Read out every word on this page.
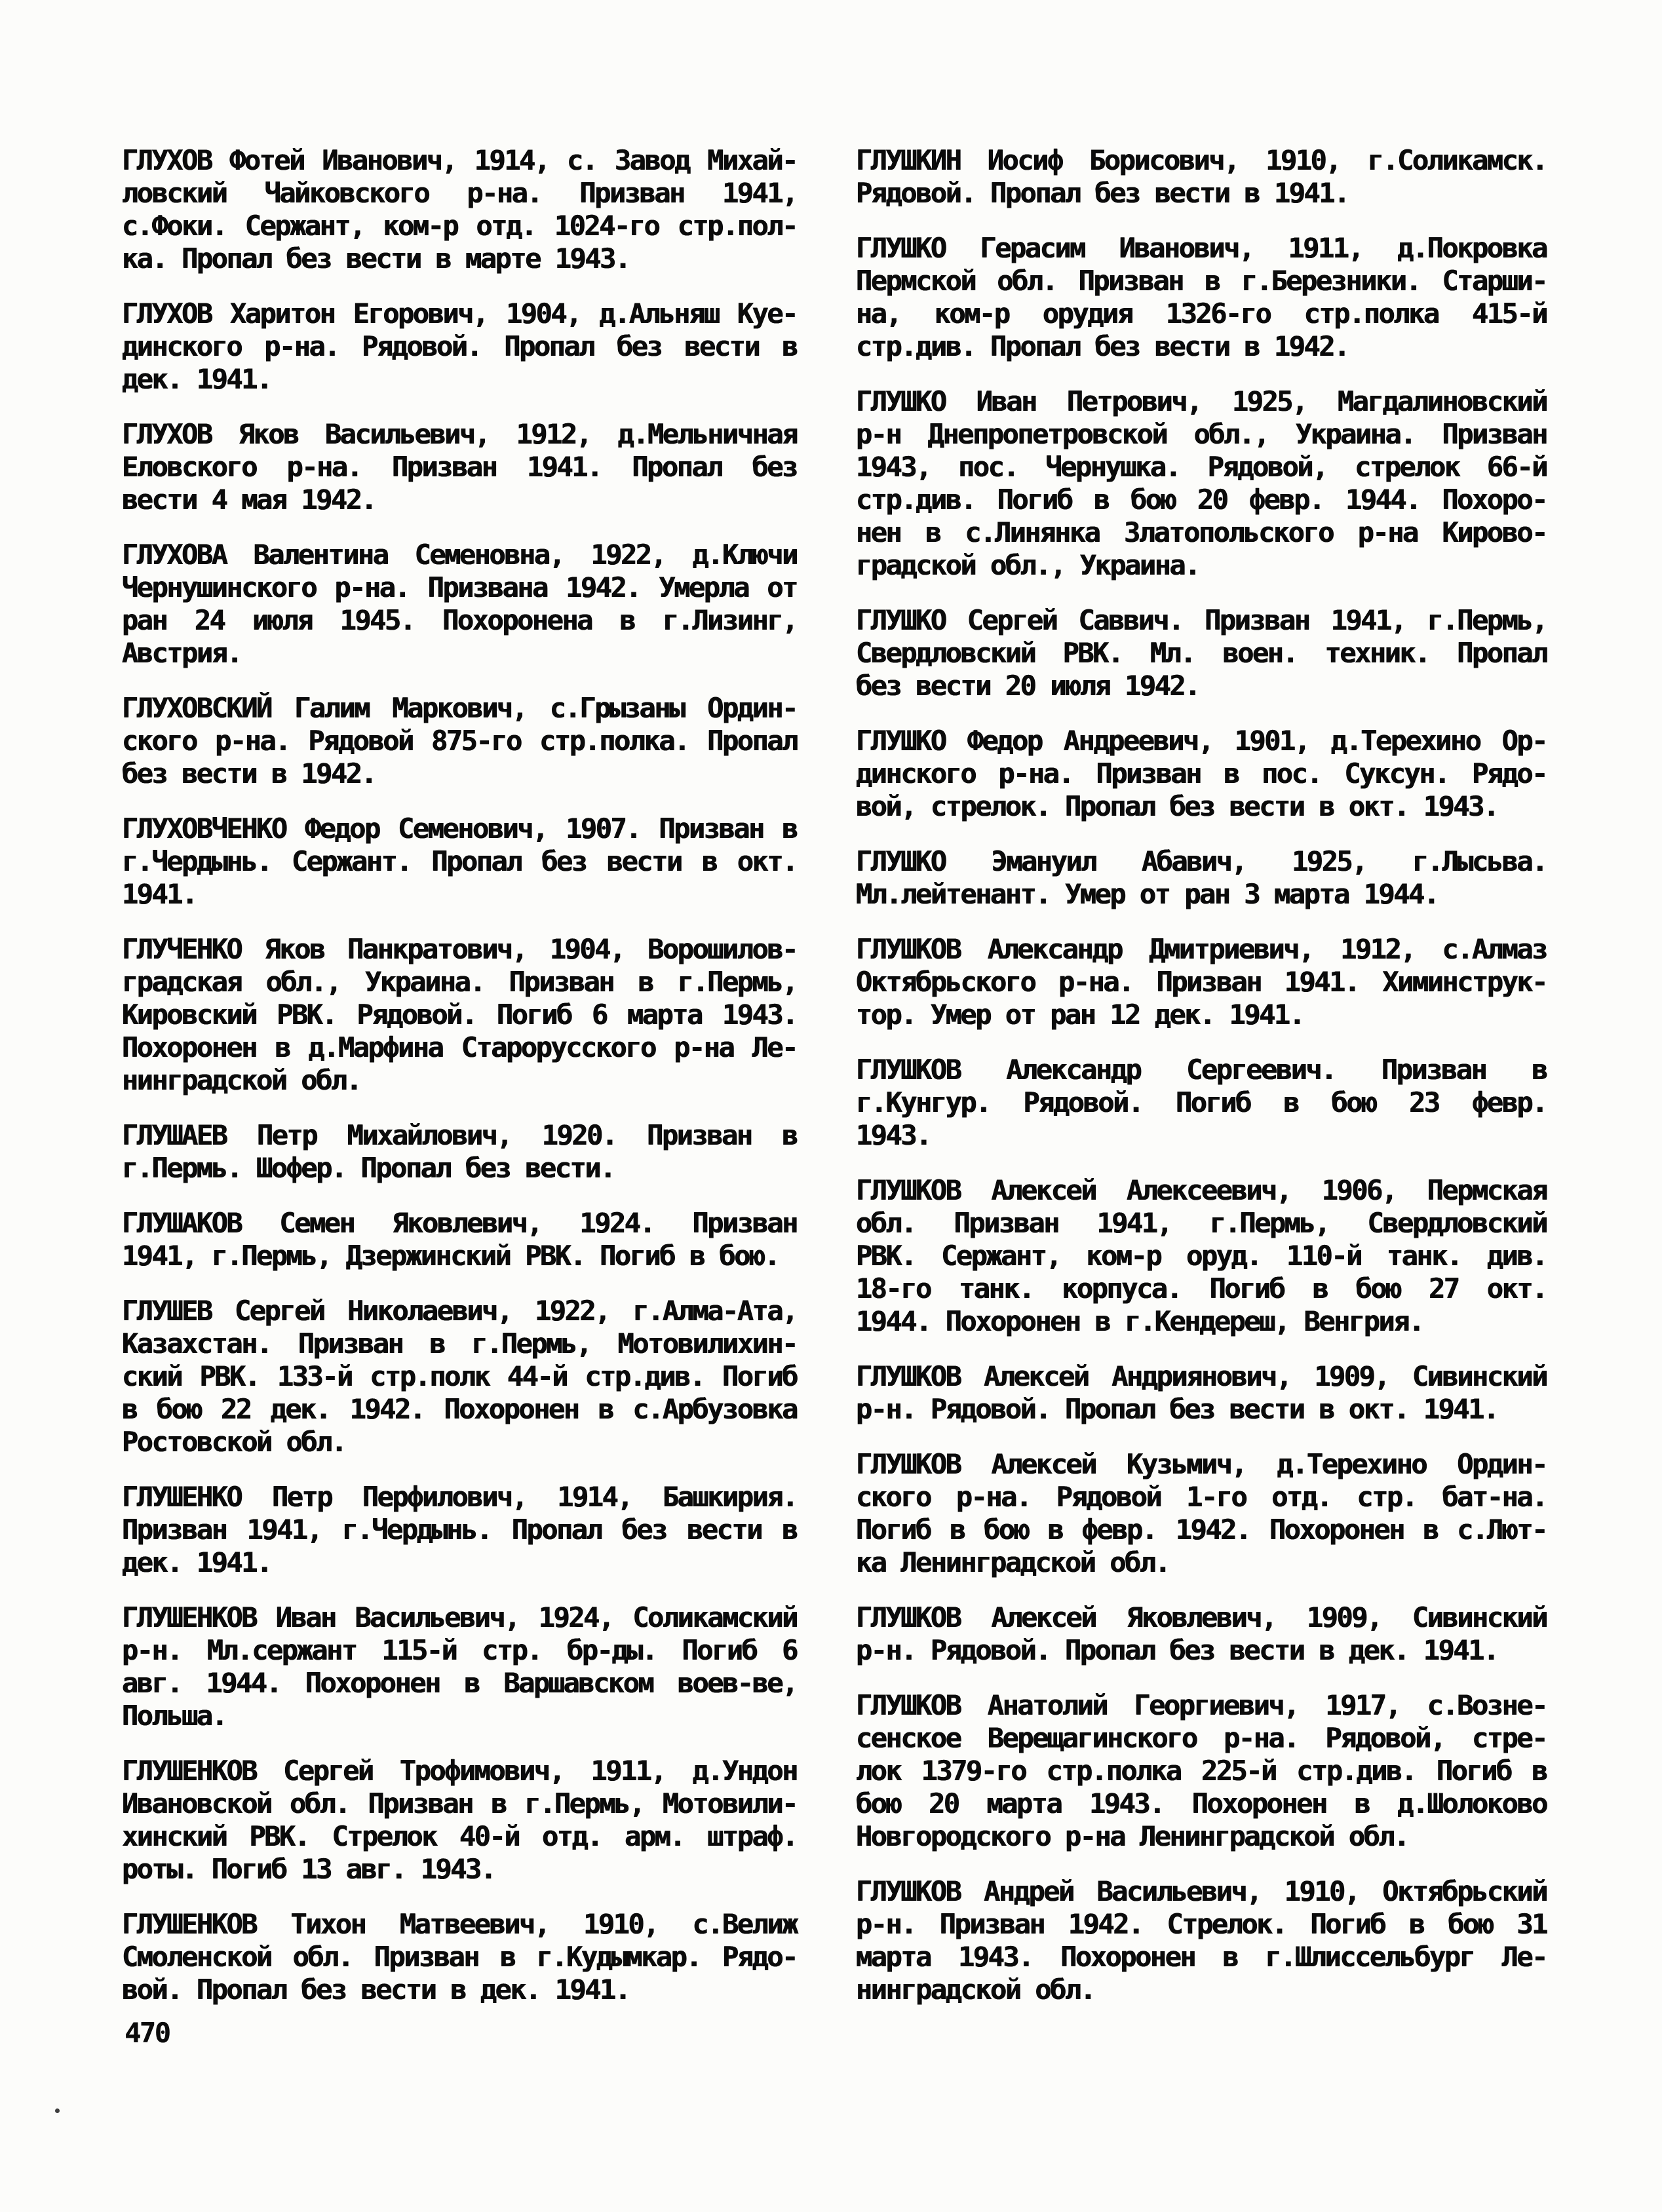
ГЛУХОВ Фотей Иванович, 1914, с. Завод Михай-
ловский Чайковского р-на. Призван 1941,
с.Фоки. Сержант, ком-р отд. 1024-го стр.пол-
ка. Пропал без вести в марте 1943.
ГЛУХОВ Харитон Егорович, 1904, д.Альняш Куе-
динского р-на. Рядовой. Пропал без вести в
дек. 1941.
ГЛУХОВ Яков Васильевич, 1912, д.Мельничная
Еловского р-на. Призван 1941. Пропал без
вести 4 мая 1942.
ГЛУХОВА Валентина Семеновна, 1922, д.Ключи
Чернушинского р-на. Призвана 1942. Умерла от
ран 24 июля 1945. Похоронена в г.Лизинг,
Австрия.
ГЛУХОВСКИЙ Галим Маркович, с.Грызаны Ордин-
ского р-на. Рядовой 875-го стр.полка. Пропал
без вести в 1942.
ГЛУХОВЧЕНКО Федор Семенович, 1907. Призван в
г.Чердынь. Сержант. Пропал без вести в окт.
1941.
ГЛУЧЕНКО Яков Панкратович, 1904, Ворошилов-
градская обл., Украина. Призван в г.Пермь,
Кировский РВК. Рядовой. Погиб 6 марта 1943.
Похоронен в д.Марфина Старорусского р-на Ле-
нинградской обл.
ГЛУШАЕВ Петр Михайлович, 1920. Призван в
г.Пермь. Шофер. Пропал без вести.
ГЛУШАКОВ Семен Яковлевич, 1924. Призван
1941, г.Пермь, Дзержинский РВК. Погиб в бою.
ГЛУШЕВ Сергей Николаевич, 1922, г.Алма-Ата,
Казахстан. Призван в г.Пермь, Мотовилихин-
ский РВК. 133-й стр.полк 44-й стр.див. Погиб
в бою 22 дек. 1942. Похоронен в с.Арбузовка
Ростовской обл.
ГЛУШЕНКО Петр Перфилович, 1914, Башкирия.
Призван 1941, г.Чердынь. Пропал без вести в
дек. 1941.
ГЛУШЕНКОВ Иван Васильевич, 1924, Соликамский
р-н. Мл.сержант 115-й стр. бр-ды. Погиб 6
авг. 1944. Похоронен в Варшавском воев-ве,
Польша.
ГЛУШЕНКОВ Сергей Трофимович, 1911, д.Ундон
Ивановской обл. Призван в г.Пермь, Мотовили-
хинский РВК. Стрелок 40-й отд. арм. штраф.
роты. Погиб 13 авг. 1943.
ГЛУШЕНКОВ Тихон Матвеевич, 1910, с.Велиж
Смоленской обл. Призван в г.Кудымкар. Рядо-
вой. Пропал без вести в дек. 1941.
ГЛУШКИН Иосиф Борисович, 1910, г.Соликамск.
Рядовой. Пропал без вести в 1941.
ГЛУШКО Герасим Иванович, 1911, д.Покровка
Пермской обл. Призван в г.Березники. Старши-
на, ком-р орудия 1326-го стр.полка 415-й
стр.див. Пропал без вести в 1942.
ГЛУШКО Иван Петрович, 1925, Магдалиновский
р-н Днепропетровской обл., Украина. Призван
1943, пос. Чернушка. Рядовой, стрелок 66-й
стр.див. Погиб в бою 20 февр. 1944. Похоро-
нен в с.Линянка Златопольского р-на Кирово-
градской обл., Украина.
ГЛУШКО Сергей Саввич. Призван 1941, г.Пермь,
Свердловский РВК. Мл. воен. техник. Пропал
без вести 20 июля 1942.
ГЛУШКО Федор Андреевич, 1901, д.Терехино Ор-
динского р-на. Призван в пос. Суксун. Рядо-
вой, стрелок. Пропал без вести в окт. 1943.
ГЛУШКО Эмануил Абавич, 1925, г.Лысьва.
Мл.лейтенант. Умер от ран 3 марта 1944.
ГЛУШКОВ Александр Дмитриевич, 1912, с.Алмаз
Октябрьского р-на. Призван 1941. Химинструк-
тор. Умер от ран 12 дек. 1941.
ГЛУШКОВ Александр Сергеевич. Призван в
г.Кунгур. Рядовой. Погиб в бою 23 февр.
1943.
ГЛУШКОВ Алексей Алексеевич, 1906, Пермская
обл. Призван 1941, г.Пермь, Свердловский
РВК. Сержант, ком-р оруд. 110-й танк. див.
18-го танк. корпуса. Погиб в бою 27 окт.
1944. Похоронен в г.Кендереш, Венгрия.
ГЛУШКОВ Алексей Андриянович, 1909, Сивинский
р-н. Рядовой. Пропал без вести в окт. 1941.
ГЛУШКОВ Алексей Кузьмич, д.Терехино Ордин-
ского р-на. Рядовой 1-го отд. стр. бат-на.
Погиб в бою в февр. 1942. Похоронен в с.Лют-
ка Ленинградской обл.
ГЛУШКОВ Алексей Яковлевич, 1909, Сивинский
р-н. Рядовой. Пропал без вести в дек. 1941.
ГЛУШКОВ Анатолий Георгиевич, 1917, с.Возне-
сенское Верещагинского р-на. Рядовой, стре-
лок 1379-го стр.полка 225-й стр.див. Погиб в
бою 20 марта 1943. Похоронен в д.Шолоково
Новгородского р-на Ленинградской обл.
ГЛУШКОВ Андрей Васильевич, 1910, Октябрьский
р-н. Призван 1942. Стрелок. Погиб в бою 31
марта 1943. Похоронен в г.Шлиссельбург Ле-
нинградской обл.
470
